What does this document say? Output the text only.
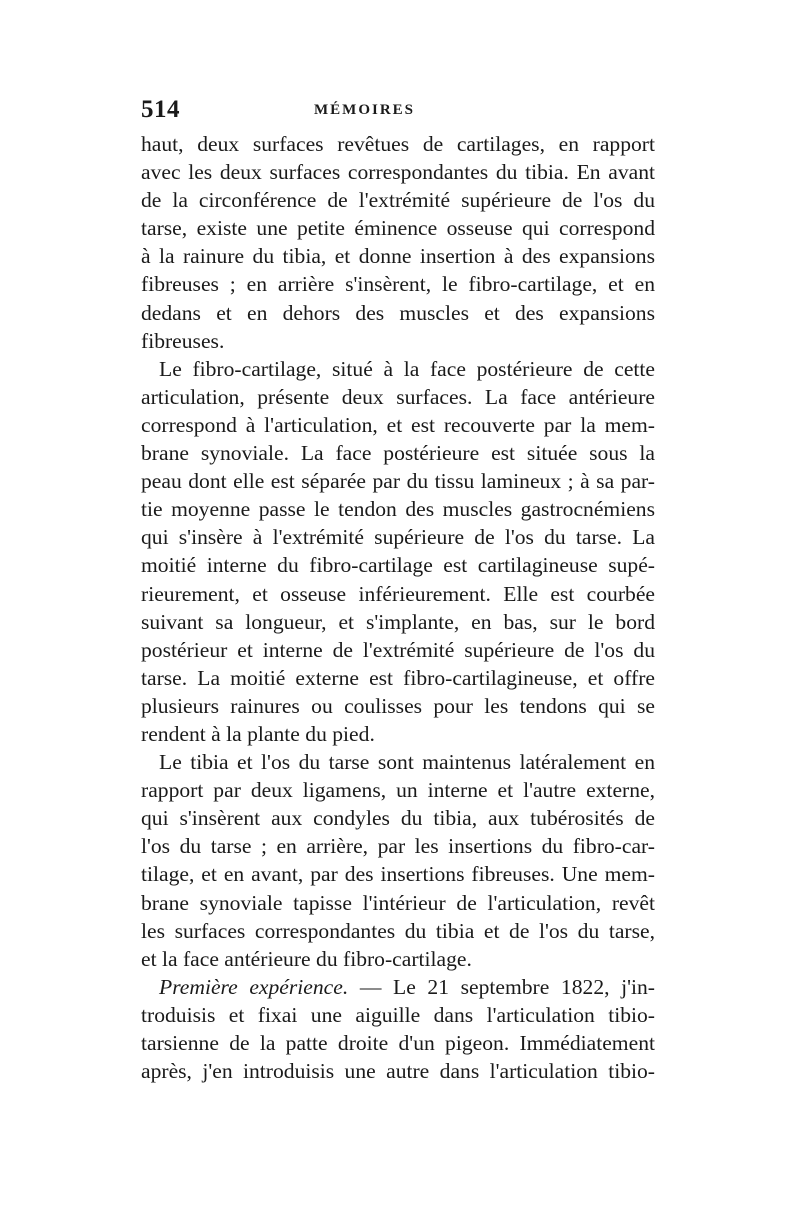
514	MÉMOIRES

haut, deux surfaces revêtues de cartilages, en rapport
avec les deux surfaces correspondantes du tibia. En avant
de la circonférence de l'extrémité supérieure de l'os du
tarse, existe une petite éminence osseuse qui correspond
à la rainure du tibia, et donne insertion à des expansions
fibreuses ; en arrière s'insèrent, le fibro-cartilage, et en
dedans et en dehors des muscles et des expansions
fibreuses.

Le fibro-cartilage, situé à la face postérieure de cette
articulation, présente deux surfaces. La face antérieure
correspond à l'articulation, et est recouverte par la mem-
brane synoviale. La face postérieure est située sous la
peau dont elle est séparée par du tissu lamineux ; à sa par-
tie moyenne passe le tendon des muscles gastrocnémiens
qui s'insère à l'extrémité supérieure de l'os du tarse. La
moitié interne du fibro-cartilage est cartilagineuse supé-
rieurement, et osseuse inférieurement. Elle est courbée
suivant sa longueur, et s'implante, en bas, sur le bord
postérieur et interne de l'extrémité supérieure de l'os du
tarse. La moitié externe est fibro-cartilagineuse, et offre
plusieurs rainures ou coulisses pour les tendons qui se
rendent à la plante du pied.

Le tibia et l'os du tarse sont maintenus latéralement en
rapport par deux ligamens, un interne et l'autre externe,
qui s'insèrent aux condyles du tibia, aux tubérosités de
l'os du tarse ; en arrière, par les insertions du fibro-car-
tilage, et en avant, par des insertions fibreuses. Une mem-
brane synoviale tapisse l'intérieur de l'articulation, revêt
les surfaces correspondantes du tibia et de l'os du tarse,
et la face antérieure du fibro-cartilage.

Première expérience. — Le 21 septembre 1822, j'in-
troduisis et fixai une aiguille dans l'articulation tibio-
tarsienne de la patte droite d'un pigeon. Immédiatement
après, j'en introduisis une autre dans l'articulation tibio-
